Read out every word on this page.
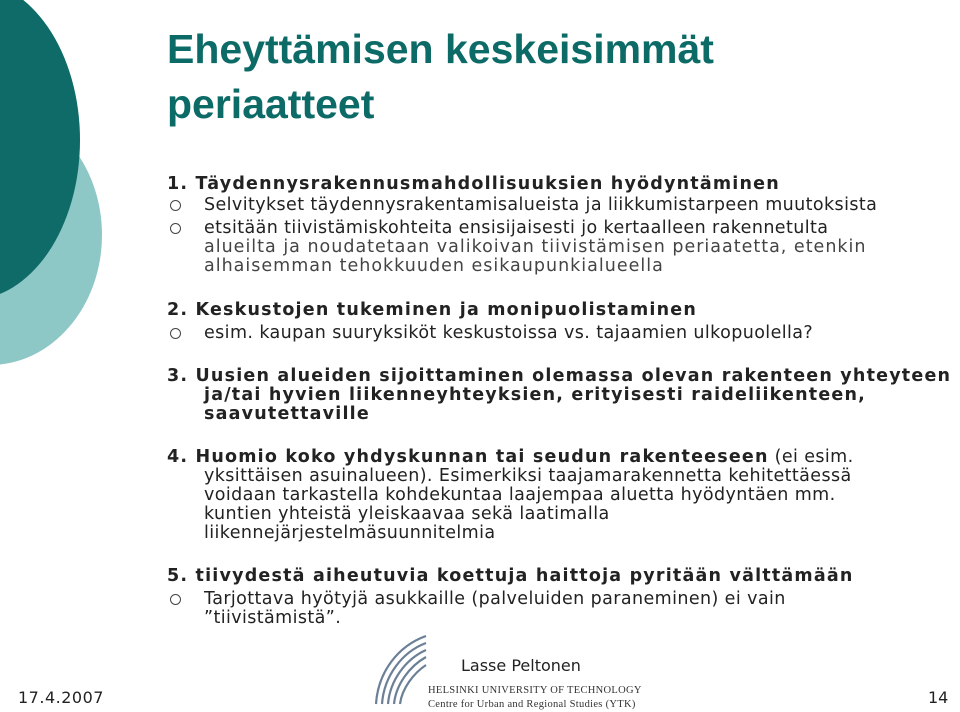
Eheyttämisen keskeisimmät periaatteet
1. Täydennysrakennusmahdollisuuksien hyödyntäminen
Selvitykset täydennysrakentamisalueista ja liikkumistarpeen muutoksista
etsitään tiivistämiskohteita ensisijaisesti jo kertaalleen rakennetulta
alueilta ja noudatetaan valikoivan tiivistämisen periaatetta, etenkin
alhaisemman tehokkuuden esikaupunkialueella
2. Keskustojen tukeminen ja monipuolistaminen
esim. kaupan suuryksiköt keskustoissa vs. tajaamien ulkopuolella?
3. Uusien alueiden sijoittaminen olemassa olevan rakenteen yhteyteen
ja/tai hyvien liikenneyhteyksien, erityisesti raideliikenteen,
saavutettaville
4. Huomio koko yhdyskunnan tai seudun rakenteeseen (ei esim.
yksittäisen asuinalueen). Esimerkiksi taajamarakennetta kehitettäessä
voidaan tarkastella kohdekuntaa laajempaa aluetta hyödyntäen mm.
kuntien yhteistä yleiskaavaa sekä laatimalla
liikennejärjestelmäsuunnitelmia
5. tiivydestä aiheutuvia koettuja haittoja pyritään välttämään
Tarjottava hyötyjä asukkaille (palveluiden paraneminen) ei vain
”tiivistämistä”.
Lasse Peltonen
HELSINKI UNIVERSITY OF TECHNOLOGY
Centre for Urban and Regional Studies (YTK)
17.4.2007	14
